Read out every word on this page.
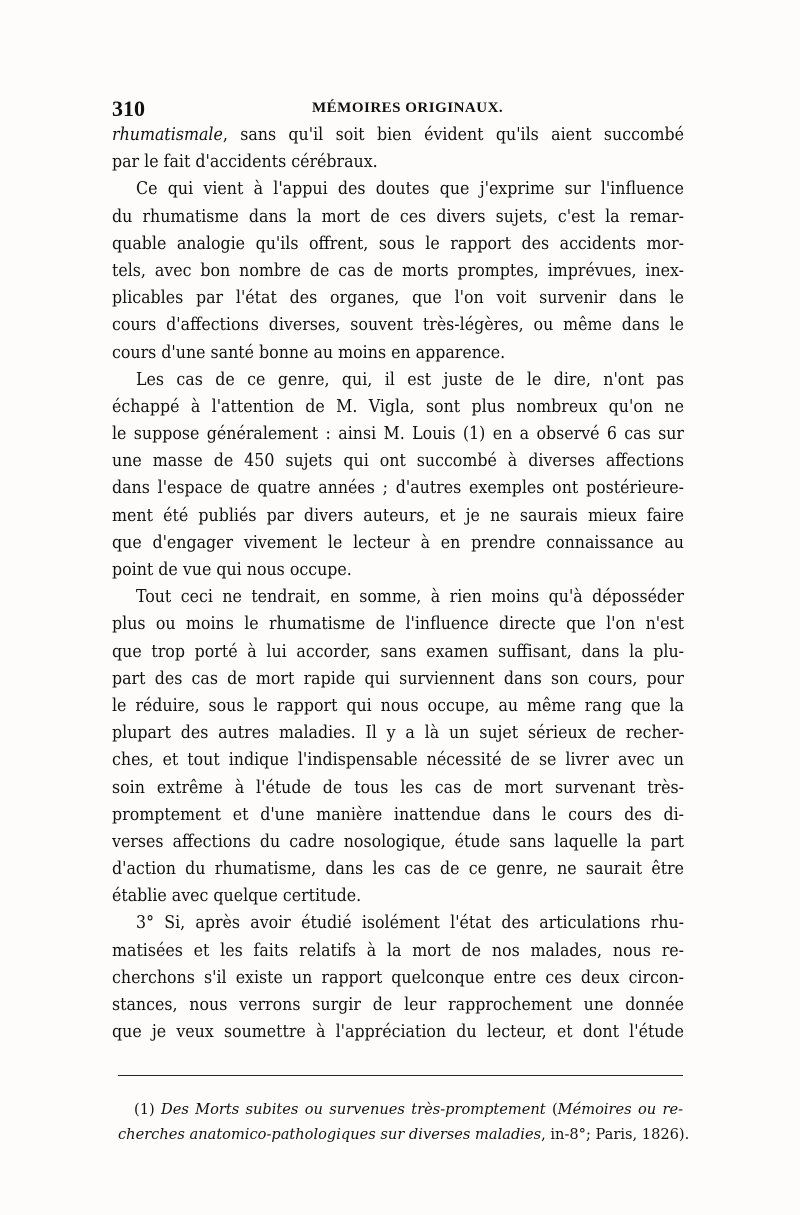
310	MÉMOIRES ORIGINAUX.
rhumatismale, sans qu'il soit bien évident qu'ils aient succombé
par le fait d'accidents cérébraux.
Ce qui vient à l'appui des doutes que j'exprime sur l'influence
du rhumatisme dans la mort de ces divers sujets, c'est la remar-
quable analogie qu'ils offrent, sous le rapport des accidents mor-
tels, avec bon nombre de cas de morts promptes, imprévues, inex-
plicables par l'état des organes, que l'on voit survenir dans le
cours d'affections diverses, souvent très-légères, ou même dans le
cours d'une santé bonne au moins en apparence.
Les cas de ce genre, qui, il est juste de le dire, n'ont pas
échappé à l'attention de M. Vigla, sont plus nombreux qu'on ne
le suppose généralement : ainsi M. Louis (1) en a observé 6 cas sur
une masse de 450 sujets qui ont succombé à diverses affections
dans l'espace de quatre années ; d'autres exemples ont postérieure-
ment été publiés par divers auteurs, et je ne saurais mieux faire
que d'engager vivement le lecteur à en prendre connaissance au
point de vue qui nous occupe.
Tout ceci ne tendrait, en somme, à rien moins qu'à déposséder
plus ou moins le rhumatisme de l'influence directe que l'on n'est
que trop porté à lui accorder, sans examen suffisant, dans la plu-
part des cas de mort rapide qui surviennent dans son cours, pour
le réduire, sous le rapport qui nous occupe, au même rang que la
plupart des autres maladies. Il y a là un sujet sérieux de recher-
ches, et tout indique l'indispensable nécessité de se livrer avec un
soin extrême à l'étude de tous les cas de mort survenant très-
promptement et d'une manière inattendue dans le cours des di-
verses affections du cadre nosologique, étude sans laquelle la part
d'action du rhumatisme, dans les cas de ce genre, ne saurait être
établie avec quelque certitude.
3° Si, après avoir étudié isolément l'état des articulations rhu-
matisées et les faits relatifs à la mort de nos malades, nous re-
cherchons s'il existe un rapport quelconque entre ces deux circon-
stances, nous verrons surgir de leur rapprochement une donnée
que je veux soumettre à l'appréciation du lecteur, et dont l'étude
(1) Des Morts subites ou survenues très-promptement (Mémoires ou re-
cherches anatomico-pathologiques sur diverses maladies, in-8°; Paris, 1826).
